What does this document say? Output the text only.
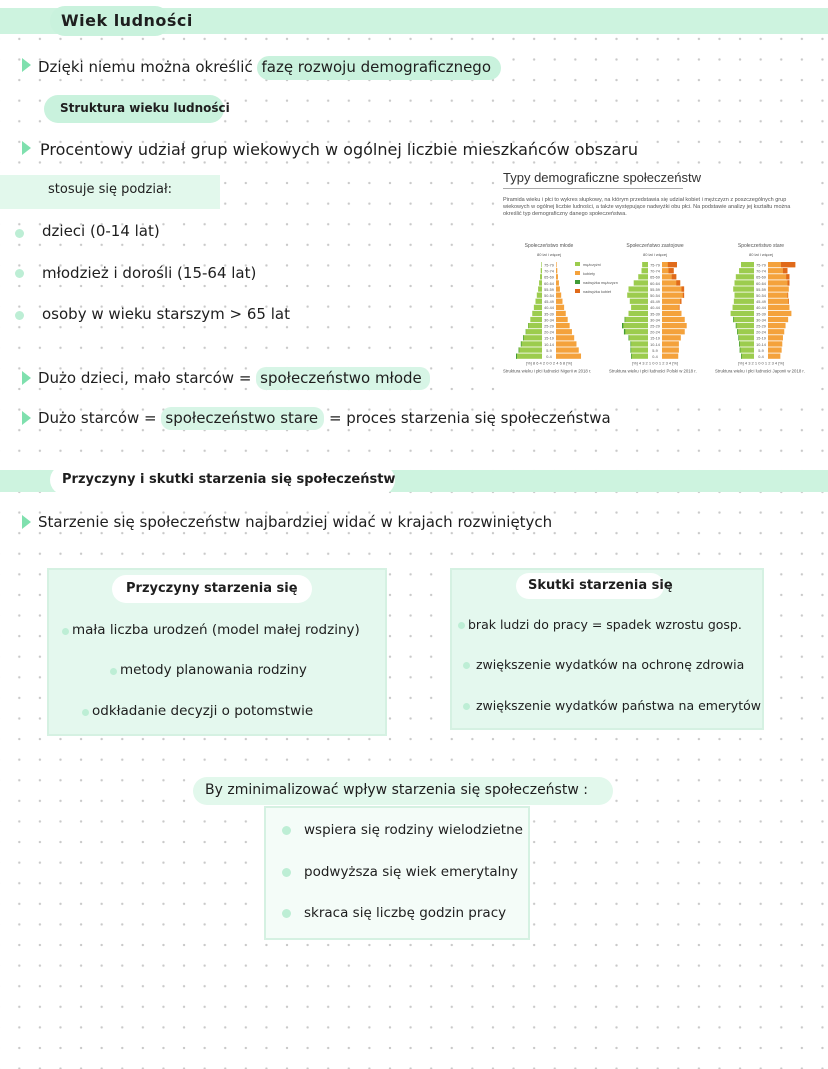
Wiek ludności
Dzięki niemu można określić fazę rozwoju demograficznego
Struktura wieku ludności
Procentowy udział grup wiekowych w ogólnej liczbie mieszkańców obszaru
stosuje się podział:
dzieci (0-14 lat)
młodzież i dorośli (15-64 lat)
osoby w wieku starszym > 65 lat
Typy demograficzne społeczeństw
Piramida wieku i płci to wykres słupkowy, na którym przedstawia się udział kobiet i mężczyzn z poszczególnych grup wiekowych w ogólnej liczbie ludności, a także występujące nadwyżki obu płci. Na podstawie analizy jej kształtu można określić typ demograficzny danego społeczeństwa.
Społeczeństwo młode
80 lat i więcej
75-79
70-74
65-69
60-64
55-59
50-54
45-49
40-44
35-39
30-34
25-29
20-24
15-19
10-14
5-9
0-4
[%] 8 6 4 2 0 0 2 4 6 8 [%]
Struktura wieku i płci ludności Nigerii w 2018 r.
Społeczeństwo zastojowe
80 lat i więcej
75-79
70-74
65-69
60-64
55-59
50-54
45-49
40-44
35-39
30-34
25-29
20-24
15-19
10-14
5-9
0-4
[%] 4 3 2 1 0 0 1 2 3 4 [%]
Struktura wieku i płci ludności Polski w 2018 r.
Społeczeństwo stare
80 lat i więcej
75-79
70-74
65-69
60-64
55-59
50-54
45-49
40-44
35-39
30-34
25-29
20-24
15-19
10-14
5-9
0-4
[%] 4 3 2 1 0 0 1 2 3 4 [%]
Struktura wieku i płci ludności Japonii w 2018 r.
mężczyźni
kobiety
nadwyżka mężczyzn
nadwyżka kobiet
Dużo dzieci, mało starców = społeczeństwo młode
Dużo starców = społeczeństwo stare = proces starzenia się społeczeństwa
Przyczyny i skutki starzenia się społeczeństw
Starzenie się społeczeństw najbardziej widać w krajach rozwiniętych
Przyczyny starzenia się
mała liczba urodzeń (model małej rodziny)
metody planowania rodziny
odkładanie decyzji o potomstwie
Skutki starzenia się
brak ludzi do pracy = spadek wzrostu gosp.
zwiększenie wydatków na ochronę zdrowia
zwiększenie wydatków państwa na emerytów
By zminimalizować wpływ starzenia się społeczeństw :
wspiera się rodziny wielodzietne
podwyższa się wiek emerytalny
skraca się liczbę godzin pracy
